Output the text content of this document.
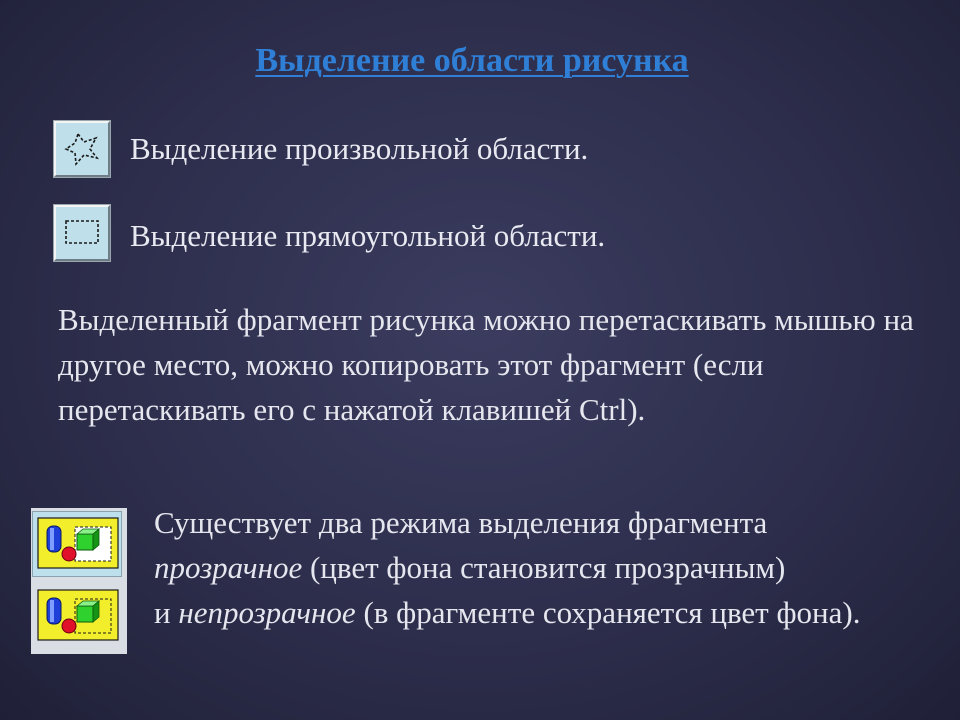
Выделение области рисунка
Выделение произвольной области.
Выделение прямоугольной области.
Выделенный фрагмент рисунка можно перетаскивать мышью на другое место, можно копировать этот фрагмент (если перетаскивать его с нажатой клавишей Ctrl).
Существует два режима выделения фрагмента
прозрачное (цвет фона становится прозрачным)
и непрозрачное (в фрагменте сохраняется цвет фона).
